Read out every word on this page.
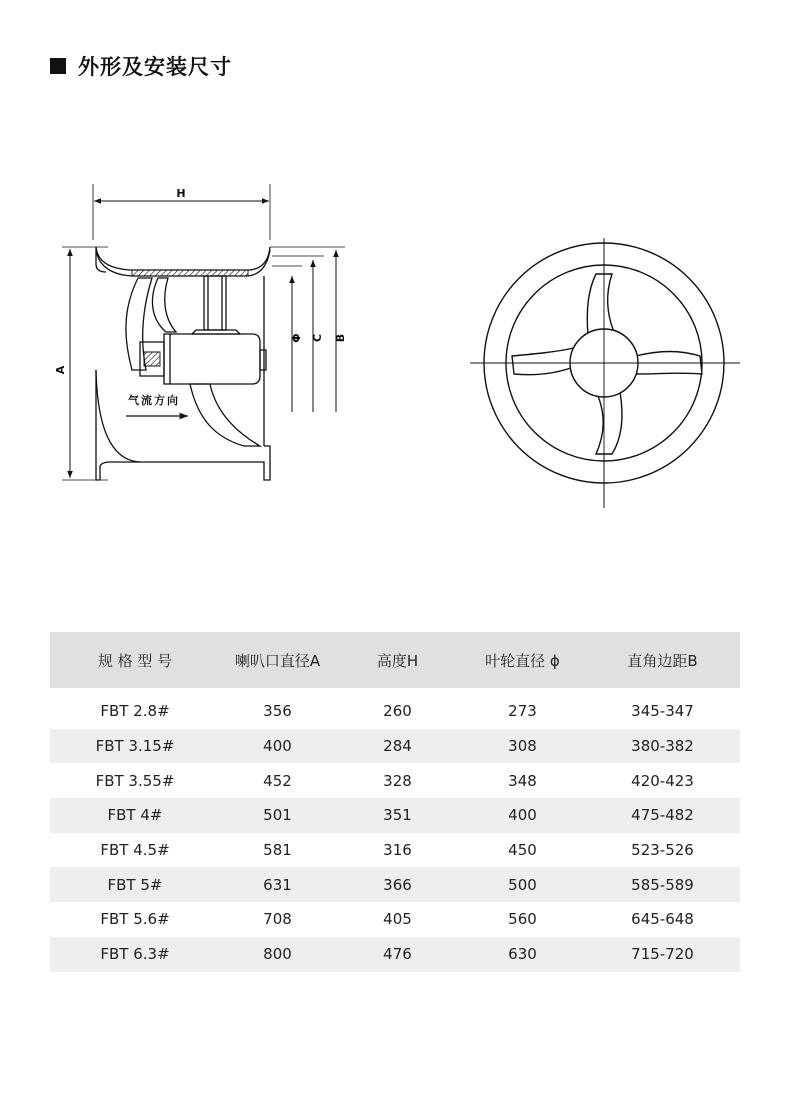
外形及安装尺寸
H
A
Φ C B
气流方向
规 格 型 号	喇叭口直径A	高度H	叶轮直径 ϕ	直角边距B

FBT 2.8#	356	260	273	345-347
FBT 3.15#	400	284	308	380-382
FBT 3.55#	452	328	348	420-423
FBT 4#	501	351	400	475-482
FBT 4.5#	581	316	450	523-526
FBT 5#	631	366	500	585-589
FBT 5.6#	708	405	560	645-648
FBT 6.3#	800	476	630	715-720
